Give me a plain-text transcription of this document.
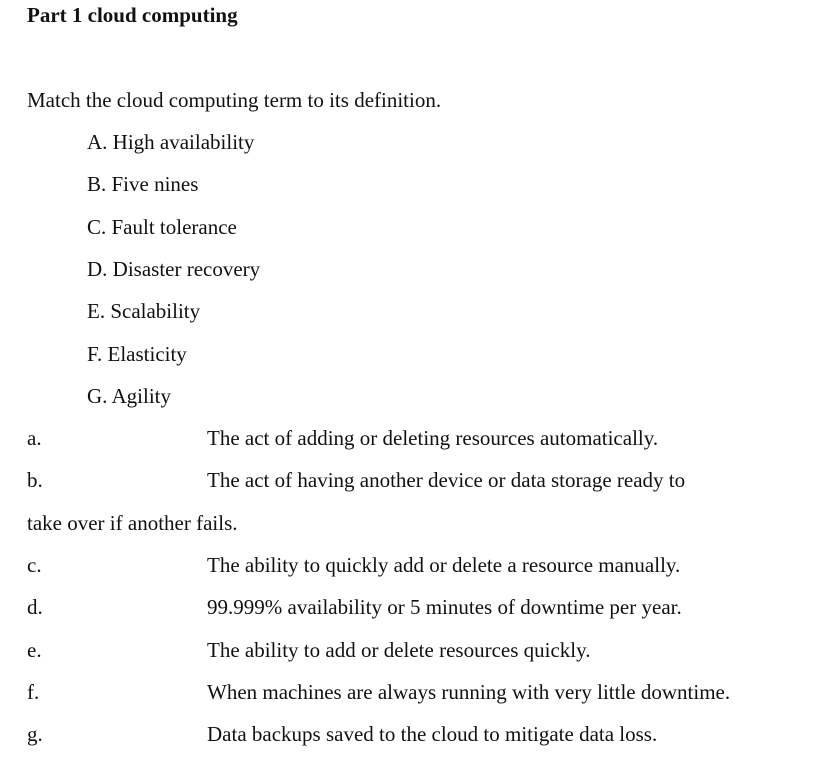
Part 1 cloud computing
Match the cloud computing term to its definition.
A. High availability
B. Five nines
C. Fault tolerance
D. Disaster recovery
E. Scalability
F. Elasticity
G. Agility
a.	The act of adding or deleting resources automatically.
b.	The act of having another device or data storage ready to
take over if another fails.
c.	The ability to quickly add or delete a resource manually.
d.	99.999% availability or 5 minutes of downtime per year.
e.	The ability to add or delete resources quickly.
f.	When machines are always running with very little downtime.
g.	Data backups saved to the cloud to mitigate data loss.
